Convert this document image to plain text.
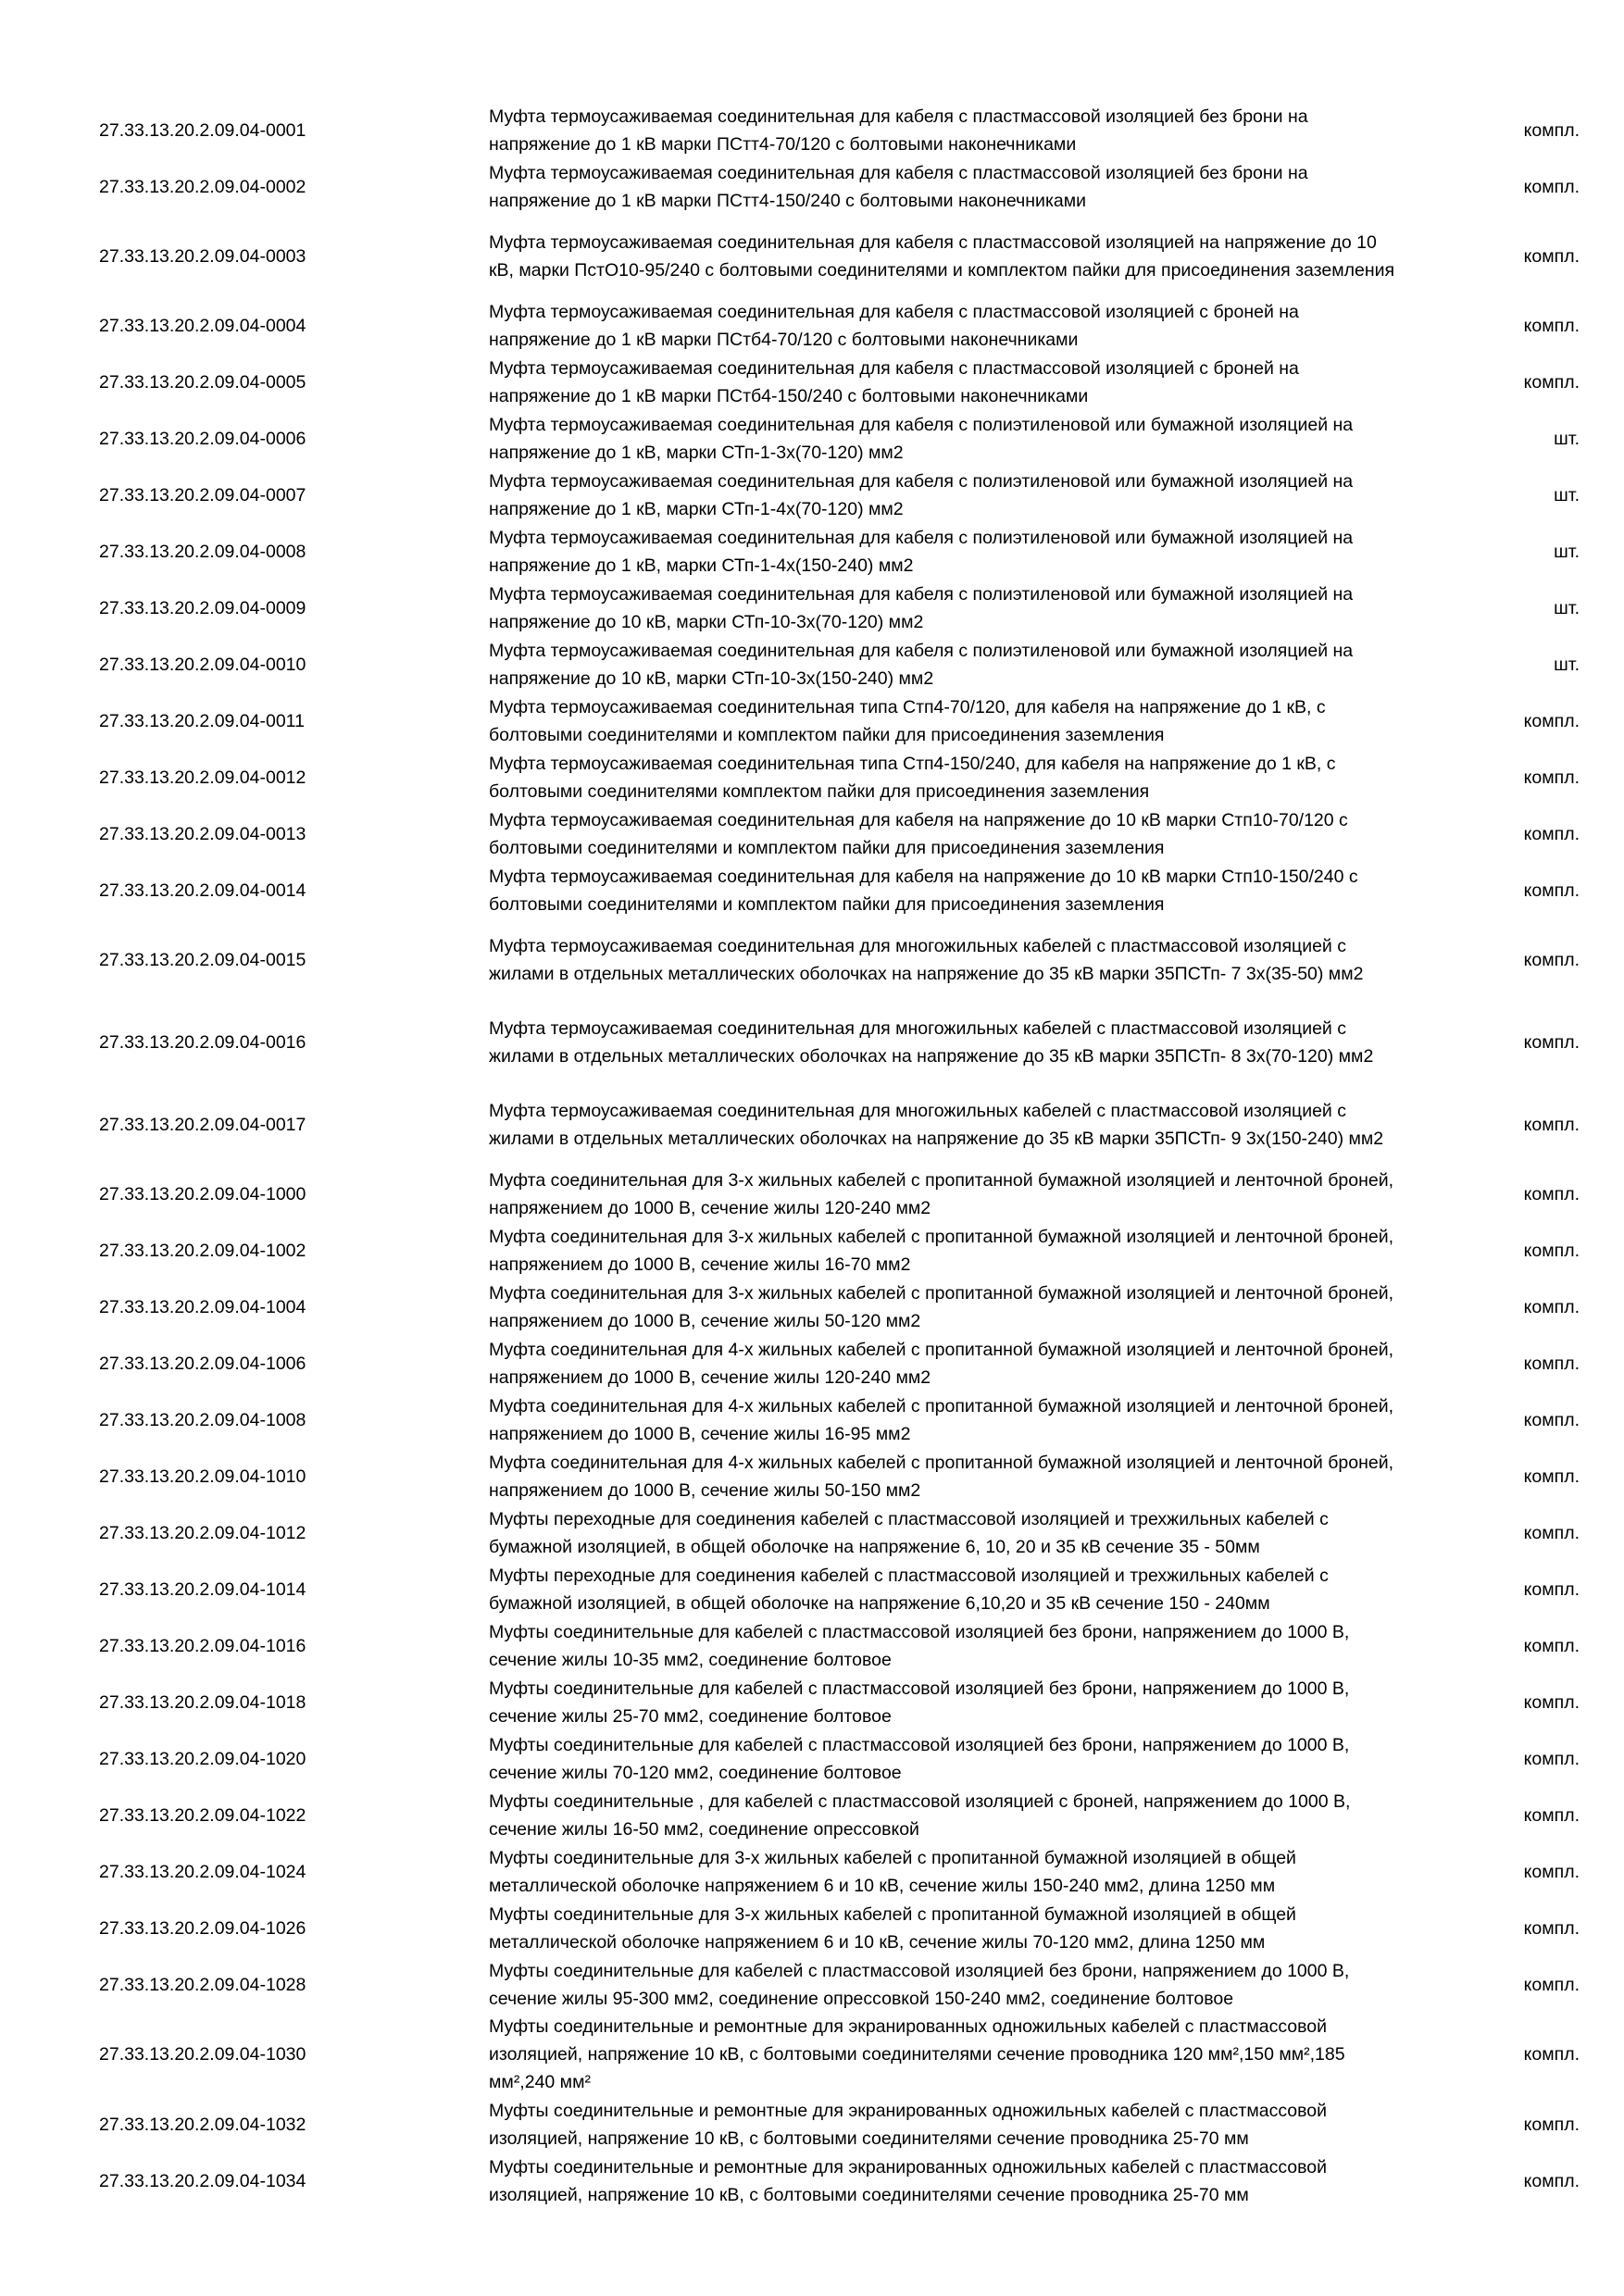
27.33.13.20.2.09.04-0001	Муфта термоусаживаемая соединительная для кабеля с пластмассовой изоляцией без брони на напряжение до 1 кВ марки ПСтт4-70/120 с болтовыми наконечниками	компл.
27.33.13.20.2.09.04-0002	Муфта термоусаживаемая соединительная для кабеля с пластмассовой изоляцией без брони на напряжение до 1 кВ марки ПСтт4-150/240 с болтовыми наконечниками	компл.
27.33.13.20.2.09.04-0003	Муфта термоусаживаемая соединительная для кабеля с пластмассовой изоляцией на напряжение до 10 кВ, марки ПстО10-95/240 с болтовыми соединителями и комплектом пайки для присоединения заземления	компл.
27.33.13.20.2.09.04-0004	Муфта термоусаживаемая соединительная для кабеля с пластмассовой изоляцией с броней на напряжение до 1 кВ марки ПСтб4-70/120 с болтовыми наконечниками	компл.
27.33.13.20.2.09.04-0005	Муфта термоусаживаемая соединительная для кабеля с пластмассовой изоляцией с броней на напряжение до 1 кВ марки ПСтб4-150/240 с болтовыми наконечниками	компл.
27.33.13.20.2.09.04-0006	Муфта термоусаживаемая соединительная для кабеля с полиэтиленовой или бумажной изоляцией на напряжение до 1 кВ, марки СТп-1-3х(70-120) мм2	шт.
27.33.13.20.2.09.04-0007	Муфта термоусаживаемая соединительная для кабеля с полиэтиленовой или бумажной изоляцией на напряжение до 1 кВ, марки СТп-1-4х(70-120) мм2	шт.
27.33.13.20.2.09.04-0008	Муфта термоусаживаемая соединительная для кабеля с полиэтиленовой или бумажной изоляцией на напряжение до 1 кВ, марки СТп-1-4х(150-240) мм2	шт.
27.33.13.20.2.09.04-0009	Муфта термоусаживаемая соединительная для кабеля с полиэтиленовой или бумажной изоляцией на напряжение до 10 кВ, марки СТп-10-3х(70-120) мм2	шт.
27.33.13.20.2.09.04-0010	Муфта термоусаживаемая соединительная для кабеля с полиэтиленовой или бумажной изоляцией на напряжение до 10 кВ, марки СТп-10-3х(150-240) мм2	шт.
27.33.13.20.2.09.04-0011	Муфта термоусаживаемая соединительная типа Стп4-70/120, для кабеля на напряжение до 1 кВ, с болтовыми соединителями и комплектом пайки для присоединения заземления	компл.
27.33.13.20.2.09.04-0012	Муфта термоусаживаемая соединительная типа Стп4-150/240, для кабеля на напряжение до 1 кВ, с болтовыми соединителями комплектом пайки для присоединения заземления	компл.
27.33.13.20.2.09.04-0013	Муфта термоусаживаемая соединительная для кабеля на напряжение до 10 кВ марки Стп10-70/120 с болтовыми соединителями и комплектом пайки для присоединения заземления	компл.
27.33.13.20.2.09.04-0014	Муфта термоусаживаемая соединительная для кабеля на напряжение до 10 кВ марки Стп10-150/240 с болтовыми соединителями и комплектом пайки для присоединения заземления	компл.
27.33.13.20.2.09.04-0015	Муфта термоусаживаемая соединительная для многожильных кабелей с пластмассовой изоляцией с жилами в отдельных металлических оболочках на напряжение до 35 кВ марки 35ПСТп- 7 3х(35-50) мм2	компл.
27.33.13.20.2.09.04-0016	Муфта термоусаживаемая соединительная для многожильных кабелей с пластмассовой изоляцией с жилами в отдельных металлических оболочках на напряжение до 35 кВ марки 35ПСТп- 8 3х(70-120) мм2	компл.
27.33.13.20.2.09.04-0017	Муфта термоусаживаемая соединительная для многожильных кабелей с пластмассовой изоляцией с жилами в отдельных металлических оболочках на напряжение до 35 кВ марки 35ПСТп- 9 3х(150-240) мм2	компл.
27.33.13.20.2.09.04-1000	Муфта соединительная для 3-х жильных кабелей с пропитанной бумажной изоляцией и ленточной броней, напряжением до 1000 В, сечение жилы 120-240 мм2	компл.
27.33.13.20.2.09.04-1002	Муфта соединительная для 3-х жильных кабелей с пропитанной бумажной изоляцией и ленточной броней, напряжением до 1000 В, сечение жилы 16-70 мм2	компл.
27.33.13.20.2.09.04-1004	Муфта соединительная для 3-х жильных кабелей с пропитанной бумажной изоляцией и ленточной броней, напряжением до 1000 В, сечение жилы 50-120 мм2	компл.
27.33.13.20.2.09.04-1006	Муфта соединительная для 4-х жильных кабелей с пропитанной бумажной изоляцией и ленточной броней, напряжением до 1000 В, сечение жилы 120-240 мм2	компл.
27.33.13.20.2.09.04-1008	Муфта соединительная для 4-х жильных кабелей с пропитанной бумажной изоляцией и ленточной броней, напряжением до 1000 В, сечение жилы 16-95 мм2	компл.
27.33.13.20.2.09.04-1010	Муфта соединительная для 4-х жильных кабелей с пропитанной бумажной изоляцией и ленточной броней, напряжением до 1000 В, сечение жилы 50-150 мм2	компл.
27.33.13.20.2.09.04-1012	Муфты переходные для соединения кабелей с пластмассовой изоляцией и трехжильных кабелей с бумажной изоляцией, в общей оболочке на напряжение 6, 10, 20 и 35 кВ сечение 35 - 50мм	компл.
27.33.13.20.2.09.04-1014	Муфты переходные для соединения кабелей с пластмассовой изоляцией и трехжильных кабелей с бумажной изоляцией, в общей оболочке на напряжение 6,10,20 и 35 кВ сечение 150 - 240мм	компл.
27.33.13.20.2.09.04-1016	Муфты соединительные для кабелей с пластмассовой изоляцией без брони, напряжением до 1000 В, сечение жилы 10-35 мм2, соединение болтовое	компл.
27.33.13.20.2.09.04-1018	Муфты соединительные для кабелей с пластмассовой изоляцией без брони, напряжением до 1000 В, сечение жилы 25-70 мм2, соединение болтовое	компл.
27.33.13.20.2.09.04-1020	Муфты соединительные для кабелей с пластмассовой изоляцией без брони, напряжением до 1000 В, сечение жилы 70-120 мм2, соединение болтовое	компл.
27.33.13.20.2.09.04-1022	Муфты соединительные , для кабелей с пластмассовой изоляцией с броней, напряжением до 1000 В, сечение жилы 16-50 мм2, соединение опрессовкой	компл.
27.33.13.20.2.09.04-1024	Муфты соединительные для 3-х жильных кабелей с пропитанной бумажной изоляцией в общей металлической оболочке напряжением 6 и 10 кВ, сечение жилы 150-240 мм2, длина 1250 мм	компл.
27.33.13.20.2.09.04-1026	Муфты соединительные для 3-х жильных кабелей с пропитанной бумажной изоляцией в общей металлической оболочке напряжением 6 и 10 кВ, сечение жилы 70-120 мм2, длина 1250 мм	компл.
27.33.13.20.2.09.04-1028	Муфты соединительные для кабелей с пластмассовой изоляцией без брони, напряжением до 1000 В, сечение жилы 95-300 мм2, соединение опрессовкой 150-240 мм2, соединение болтовое	компл.
27.33.13.20.2.09.04-1030	Муфты соединительные и ремонтные для экранированных одножильных кабелей с пластмассовой изоляцией, напряжение 10 кВ, с болтовыми соединителями сечение проводника 120 мм²,150 мм²,185 мм²,240 мм²	компл.
27.33.13.20.2.09.04-1032	Муфты соединительные и ремонтные для экранированных одножильных кабелей с пластмассовой изоляцией, напряжение 10 кВ, с болтовыми соединителями сечение проводника 25-70 мм	компл.
27.33.13.20.2.09.04-1034	Муфты соединительные и ремонтные для экранированных одножильных кабелей с пластмассовой изоляцией, напряжение 10 кВ, с болтовыми соединителями сечение проводника 25-70 мм	компл.
